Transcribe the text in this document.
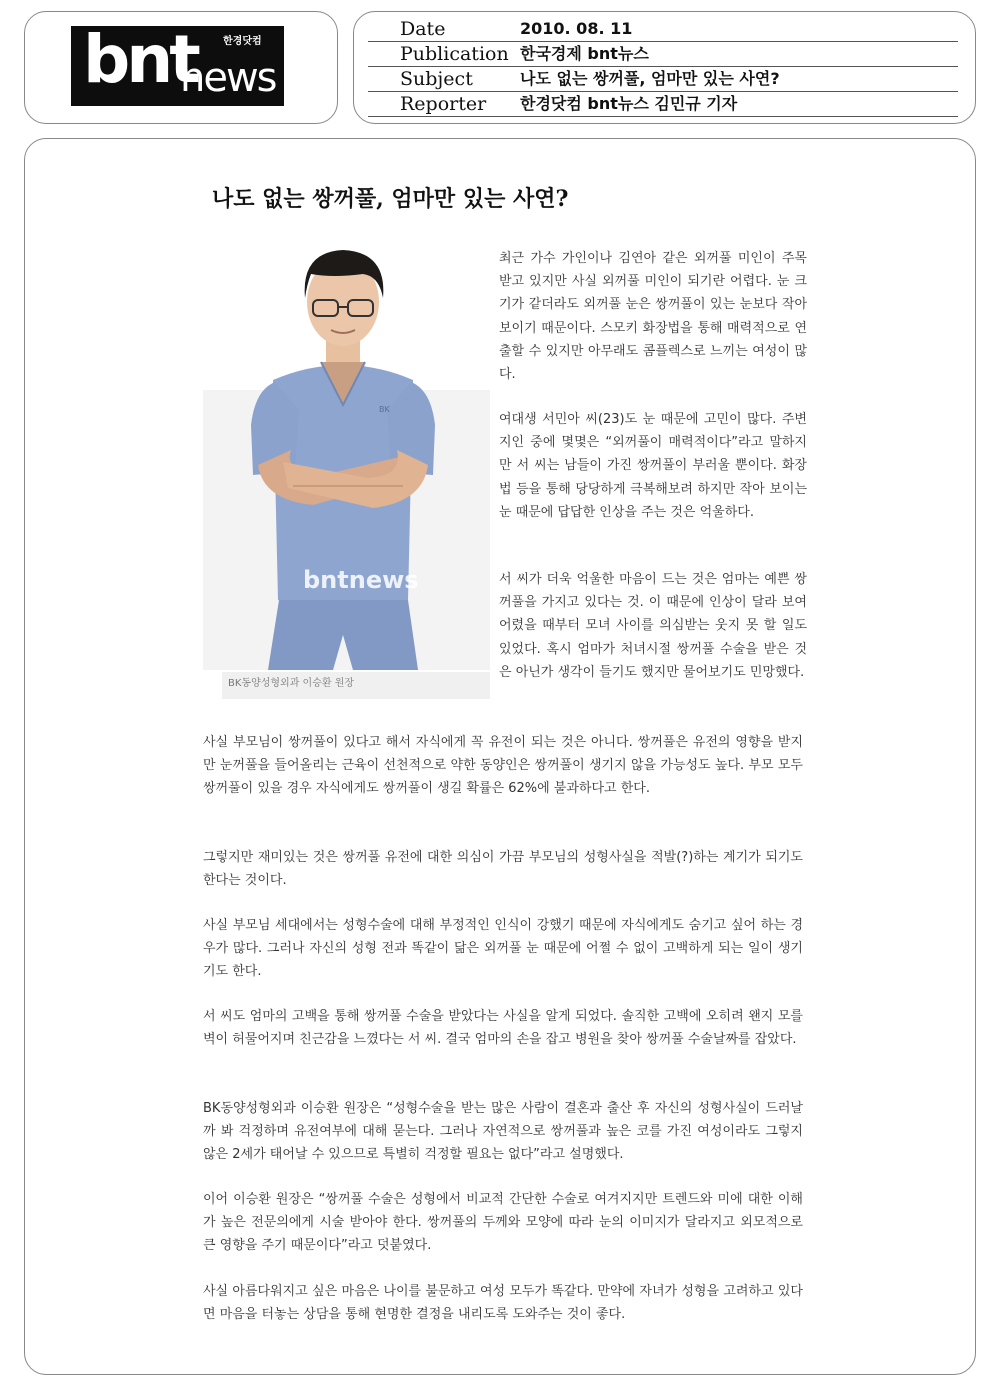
bnt
news
한경닷컴
Date	2010. 08. 11
Publication 한국경제 bnt뉴스
Subject	나도 없는 쌍꺼풀, 엄마만 있는 사연?
Reporter 한경닷컴 bnt뉴스 김민규 기자
나도 없는 쌍꺼풀, 엄마만 있는 사연?
BK
bntnews
BK동양성형외과 이승환 원장

최근 가수 가인이나 김연아 같은 외꺼풀 미인이 주목 받고 있지만 사실 외꺼풀 미인이 되기란 어렵다. 눈 크기가 같더라도 외꺼풀 눈은 쌍꺼풀이 있는 눈보다 작아 보이기 때문이다. 스모키 화장법을 통해 매력적으로 연출할 수 있지만 아무래도 콤플렉스로 느끼는 여성이 많다.

여대생 서민아 씨(23)도 눈 때문에 고민이 많다. 주변 지인 중에 몇몇은 “외꺼풀이 매력적이다”라고 말하지만 서 씨는 남들이 가진 쌍꺼풀이 부러울 뿐이다. 화장법 등을 통해 당당하게 극복해보려 하지만 작아 보이는 눈 때문에 답답한 인상을 주는 것은 억울하다.

서 씨가 더욱 억울한 마음이 드는 것은 엄마는 예쁜 쌍꺼풀을 가지고 있다는 것. 이 때문에 인상이 달라 보여 어렸을 때부터 모녀 사이를 의심받는 웃지 못 할 일도 있었다. 혹시 엄마가 처녀시절 쌍꺼풀 수술을 받은 것은 아닌가 생각이 들기도 했지만 물어보기도 민망했다.

사실 부모님이 쌍꺼풀이 있다고 해서 자식에게 꼭 유전이 되는 것은 아니다. 쌍꺼풀은 유전의 영향을 받지만 눈꺼풀을 들어올리는 근육이 선천적으로 약한 동양인은 쌍꺼풀이 생기지 않을 가능성도 높다. 부모 모두 쌍꺼풀이 있을 경우 자식에게도 쌍꺼풀이 생길 확률은 62%에 불과하다고 한다.

그렇지만 재미있는 것은 쌍꺼풀 유전에 대한 의심이 가끔 부모님의 성형사실을 적발(?)하는 계기가 되기도 한다는 것이다.

사실 부모님 세대에서는 성형수술에 대해 부정적인 인식이 강했기 때문에 자식에게도 숨기고 싶어 하는 경우가 많다. 그러나 자신의 성형 전과 똑같이 닮은 외꺼풀 눈 때문에 어쩔 수 없이 고백하게 되는 일이 생기기도 한다.

서 씨도 엄마의 고백을 통해 쌍꺼풀 수술을 받았다는 사실을 알게 되었다. 솔직한 고백에 오히려 왠지 모를 벽이 허물어지며 친근감을 느꼈다는 서 씨. 결국 엄마의 손을 잡고 병원을 찾아 쌍꺼풀 수술날짜를 잡았다.

BK동양성형외과 이승환 원장은 “성형수술을 받는 많은 사람이 결혼과 출산 후 자신의 성형사실이 드러날까 봐 걱정하며 유전여부에 대해 묻는다. 그러나 자연적으로 쌍꺼풀과 높은 코를 가진 여성이라도 그렇지 않은 2세가 태어날 수 있으므로 특별히 걱정할 필요는 없다”라고 설명했다.

이어 이승환 원장은 “쌍꺼풀 수술은 성형에서 비교적 간단한 수술로 여겨지지만 트렌드와 미에 대한 이해가 높은 전문의에게 시술 받아야 한다. 쌍꺼풀의 두께와 모양에 따라 눈의 이미지가 달라지고 외모적으로 큰 영향을 주기 때문이다”라고 덧붙였다.

사실 아름다워지고 싶은 마음은 나이를 불문하고 여성 모두가 똑같다. 만약에 자녀가 성형을 고려하고 있다면 마음을 터놓는 상담을 통해 현명한 결정을 내리도록 도와주는 것이 좋다.
